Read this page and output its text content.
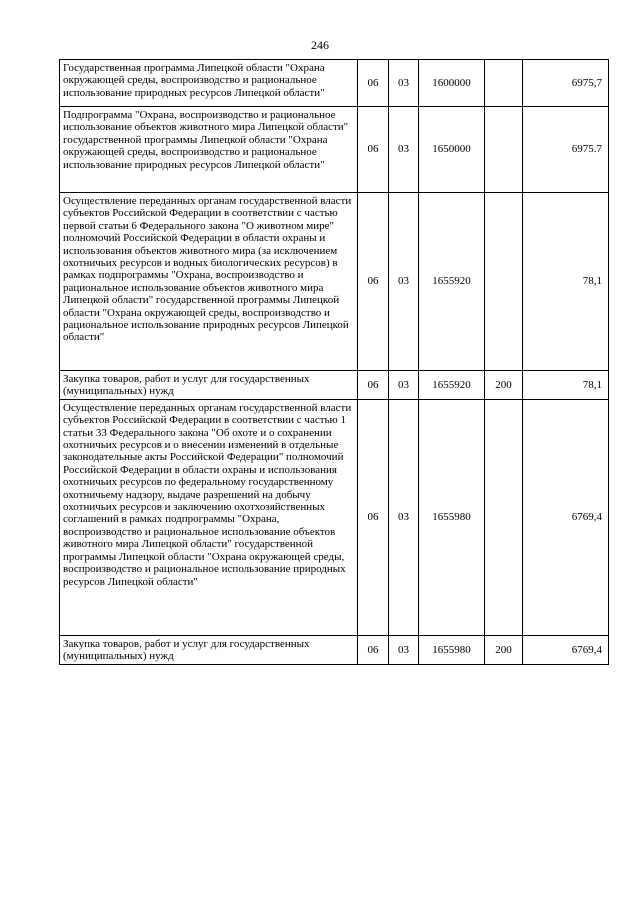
246
Государственная программа Липецкой области "Охрана окружающей среды, воспроизводство и рациональное использование природных ресурсов Липецкой области"	06	03	1600000		6975,7
Подпрограмма "Охрана, воспроизводство и рациональное использование объектов животного мира Липецкой области" государственной программы Липецкой области "Охрана окружающей среды, воспроизводство и рациональное использование природных ресурсов Липецкой области"	06	03	1650000		6975.7
Осуществление переданных органам государственной власти субъектов Российской Федерации в соответствии с частью первой статьи 6 Федерального закона "О животном мире" полномочий Российской Федерации в области охраны и использования объектов животного мира (за исключением охотничьих ресурсов и водных биологических ресурсов) в рамках подпрограммы "Охрана, воспроизводство и рациональное использование объектов животного мира Липецкой области" государственной программы Липецкой области "Охрана окружающей среды, воспроизводство и рациональное использование природных ресурсов Липецкой области"	06	03	1655920		78,1
Закупка товаров, работ и услуг для государственных (муниципальных) нужд	06	03	1655920	200	78,1
Осуществление переданных органам государственной власти субъектов Российской Федерации в соответствии с частью 1 статьи 33 Федерального закона "Об охоте и о сохранении охотничьих ресурсов и о внесении изменений в отдельные законодательные акты Российской Федерации" полномочий Российской Федерации в области охраны и использования охотничьих ресурсов по федеральному государственному охотничьему надзору, выдаче разрешений на добычу охотничьих ресурсов и заключению охотхозяйственных соглашений в рамках подпрограммы "Охрана, воспроизводство и рациональное использование объектов животного мира Липецкой области" государственной программы Липецкой области "Охрана окружающей среды, воспроизводство и рациональное использование природных ресурсов Липецкой области"	06	03	1655980		6769,4
Закупка товаров, работ и услуг для государственных (муниципальных) нужд	06	03	1655980	200	6769,4
